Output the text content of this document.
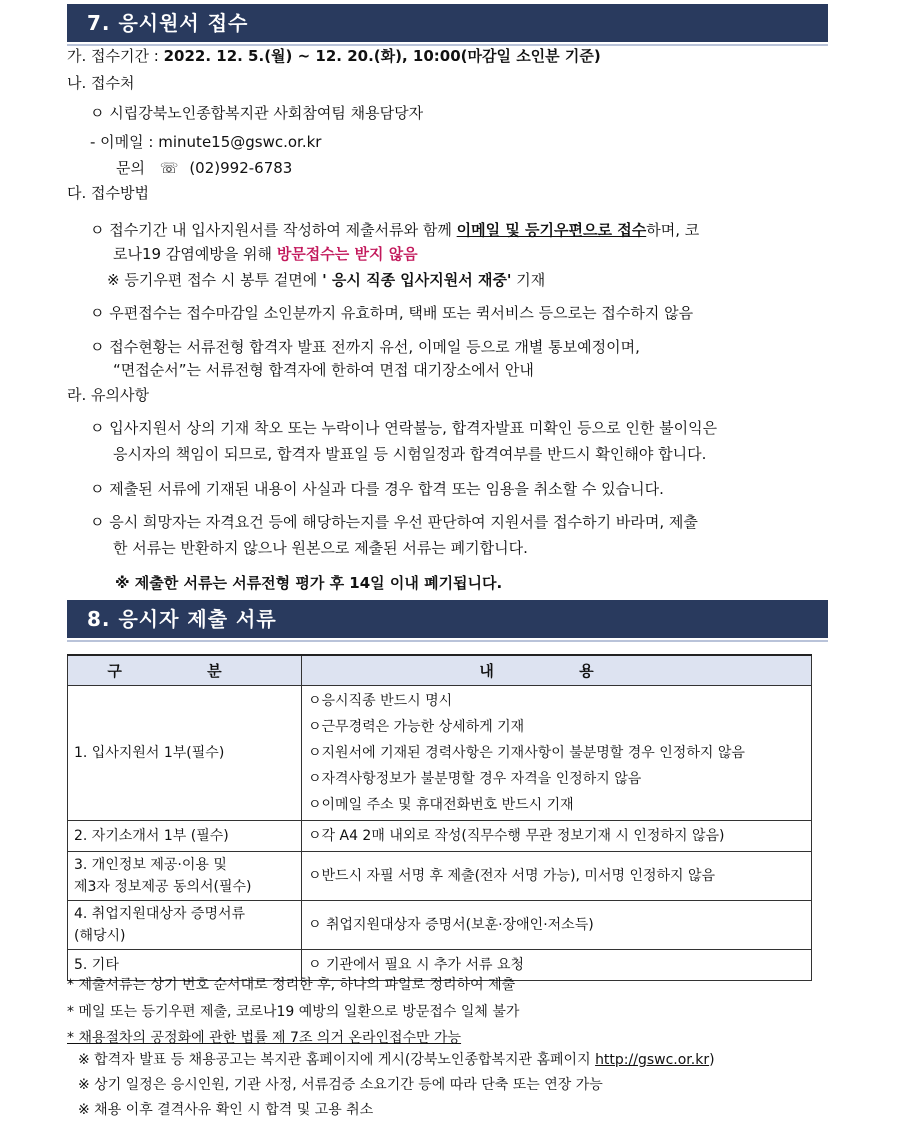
7. 응시원서 접수
가. 접수기간 : 2022. 12. 5.(월) ~ 12. 20.(화), 10:00(마감일 소인분 기준)
나. 접수처
ㅇ 시립강북노인종합복지관 사회참여팀 채용담당자
- 이메일 : minute15@gswc.or.kr
문의 ☏ (02)992-6783
다. 접수방법
ㅇ 접수기간 내 입사지원서를 작성하여 제출서류와 함께 이메일 및 등기우편으로 접수하며, 코
로나19 감염예방을 위해 방문접수는 받지 않음
※ 등기우편 접수 시 봉투 겉면에 ' 응시 직종 입사지원서 재중' 기재
ㅇ 우편접수는 접수마감일 소인분까지 유효하며, 택배 또는 퀵서비스 등으로는 접수하지 않음
ㅇ 접수현황는 서류전형 합격자 발표 전까지 유선, 이메일 등으로 개별 통보예정이며,
“면접순서”는 서류전형 합격자에 한하여 면접 대기장소에서 안내
라. 유의사항
ㅇ 입사지원서 상의 기재 착오 또는 누락이나 연락불능, 합격자발표 미확인 등으로 인한 불이익은
응시자의 책임이 되므로, 합격자 발표일 등 시험일정과 합격여부를 반드시 확인해야 합니다.
ㅇ 제출된 서류에 기재된 내용이 사실과 다를 경우 합격 또는 임용을 취소할 수 있습니다.
ㅇ 응시 희망자는 자격요건 등에 해당하는지를 우선 판단하여 지원서를 접수하기 바라며, 제출
한 서류는 반환하지 않으나 원본으로 제출된 서류는 폐기합니다.
※ 제출한 서류는 서류전형 평가 후 14일 이내 폐기됩니다.
8. 응시자 제출 서류
구 분	내 용
1. 입사지원서 1부(필수)	ㅇ응시직종 반드시 명시
ㅇ근무경력은 가능한 상세하게 기재
ㅇ지원서에 기재된 경력사항은 기재사항이 불분명할 경우 인정하지 않음
ㅇ자격사항정보가 불분명할 경우 자격을 인정하지 않음
ㅇ이메일 주소 및 휴대전화번호 반드시 기재

2. 자기소개서 1부 (필수)	ㅇ각 A4 2매 내외로 작성(직무수행 무관 정보기재 시 인정하지 않음)

3. 개인정보 제공·이용 및
제3자 정보제공 동의서(필수)	ㅇ반드시 자필 서명 후 제출(전자 서명 가능), 미서명 인정하지 않음

4. 취업지원대상자 증명서류
(해당시)	ㅇ 취업지원대상자 증명서(보훈·장애인·저소득)
5. 기타	ㅇ 기관에서 필요 시 추가 서류 요청
* 제출서류는 상기 번호 순서대로 정리한 후, 하나의 파일로 정리하여 제출
* 메일 또는 등기우편 제출, 코로나19 예방의 일환으로 방문접수 일체 불가
* 채용절차의 공정화에 관한 법률 제 7조 의거 온라인접수만 가능
※ 합격자 발표 등 채용공고는 복지관 홈페이지에 게시(강북노인종합복지관 홈페이지 http://gswc.or.kr)
※ 상기 일정은 응시인원, 기관 사정, 서류검증 소요기간 등에 따라 단축 또는 연장 가능
※ 채용 이후 결격사유 확인 시 합격 및 고용 취소
